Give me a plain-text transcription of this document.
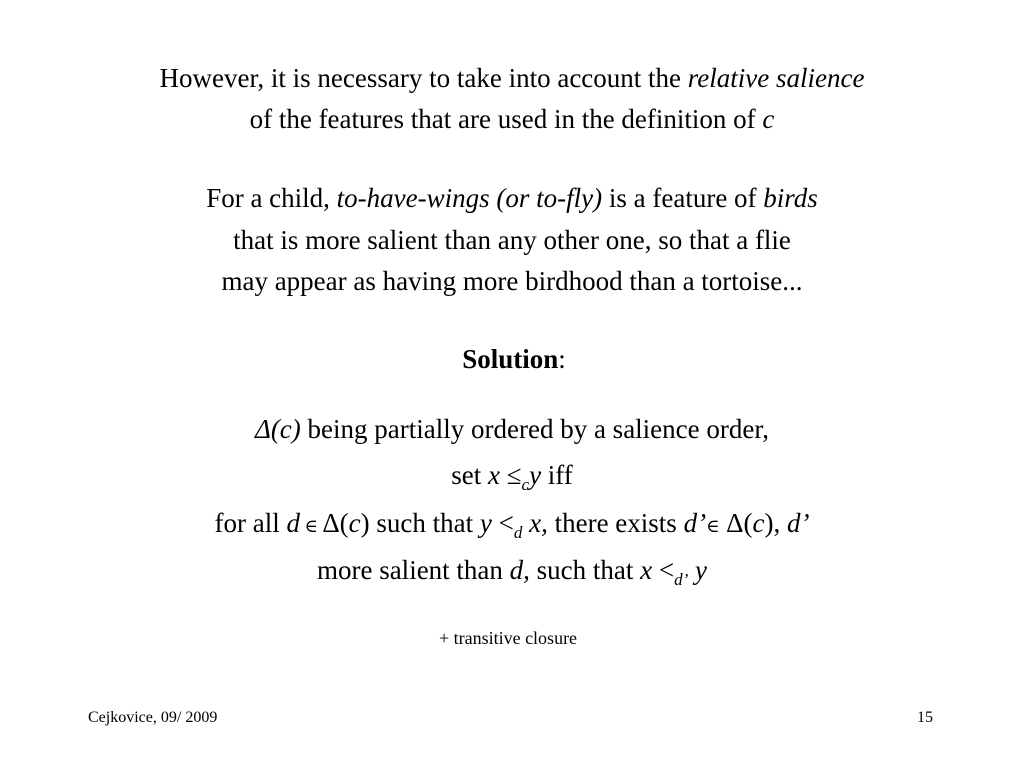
However, it is necessary to take into account the relative salience
of the features that are used in the definition of c
For a child, to-have-wings (or to-fly) is a feature of birds
that is more salient than any other one, so that a flie
may appear as having more birdhood than a tortoise...
Solution:
Δ(c) being partially ordered by a salience order,
set $x \le_cy$ iff
for all d ∈ Δ(c) such that $y <_d$ x, there exists d’∈ Δ(c), d’
more salient than d, such that $x <_{d’}$ y
+ transitive closure
Cejkovice, 09/ 2009	15
